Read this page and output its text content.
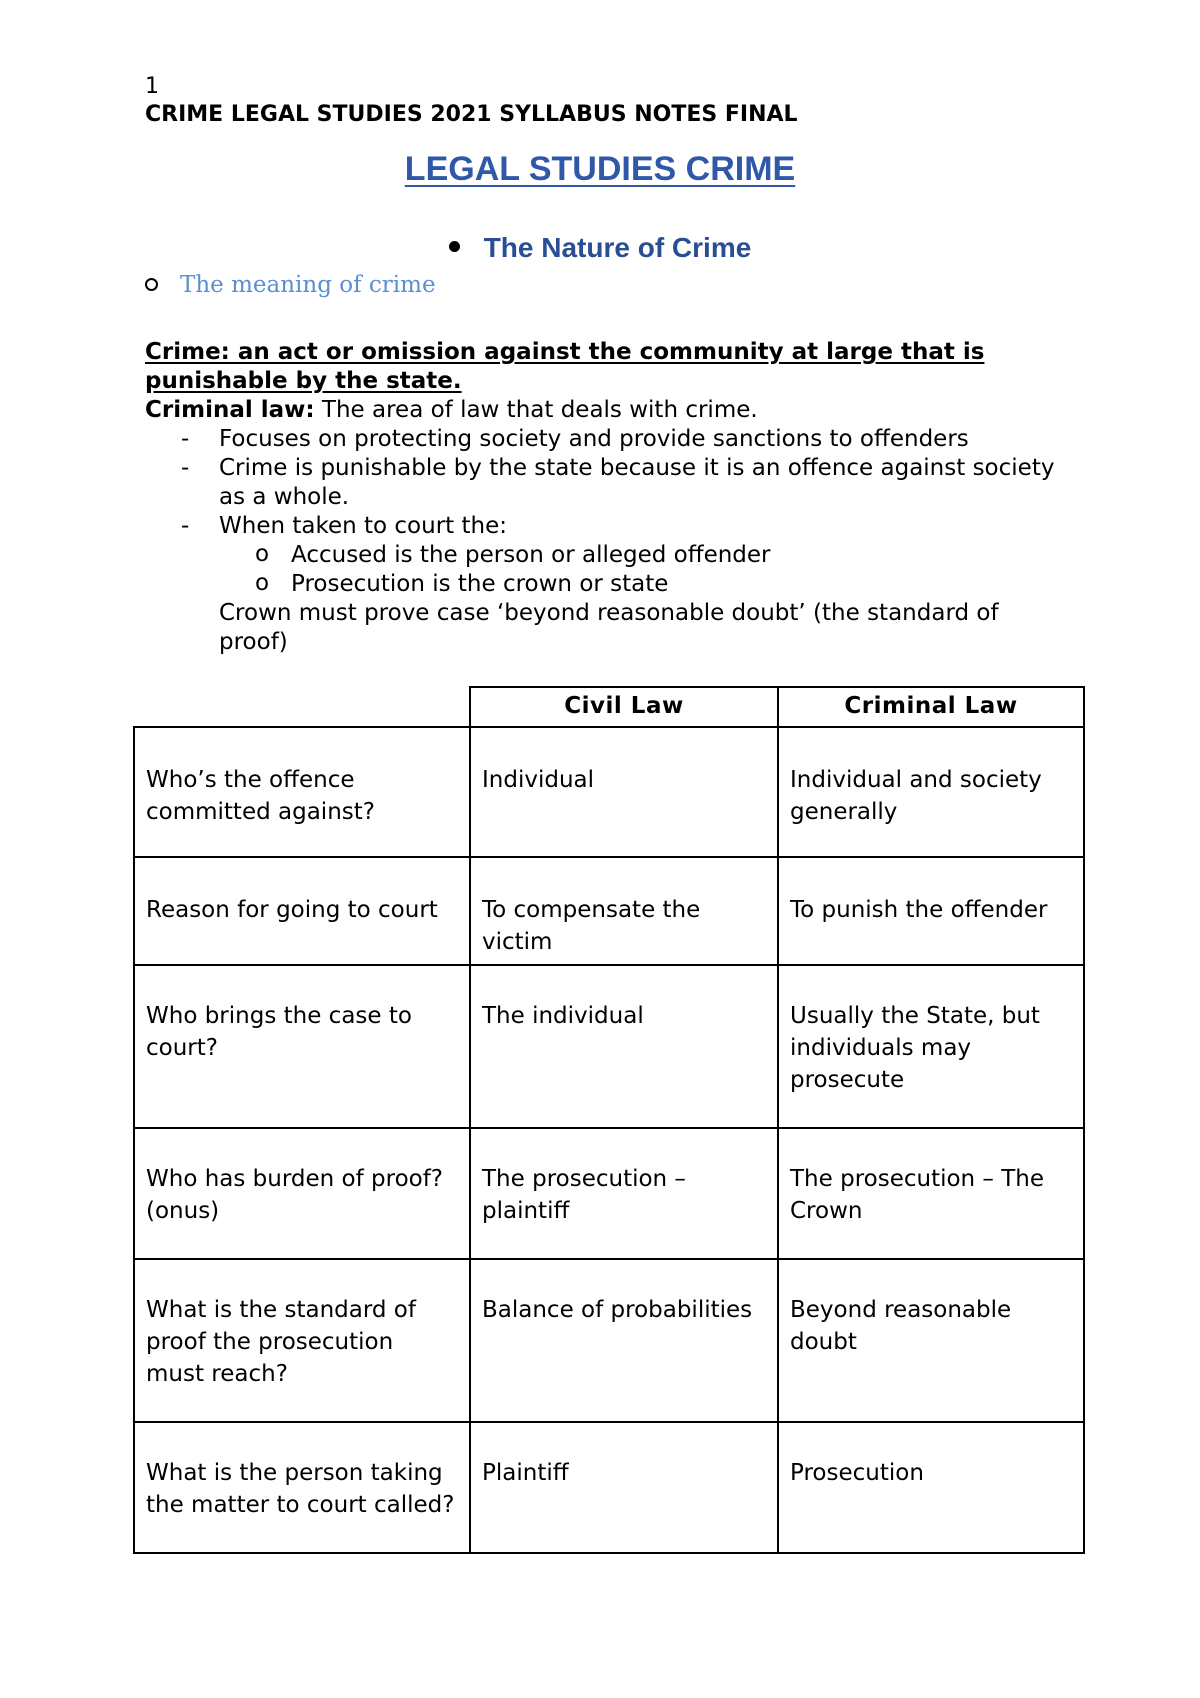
1
CRIME LEGAL STUDIES 2021 SYLLABUS NOTES FINAL
LEGAL STUDIES CRIME
The Nature of Crime
The meaning of crime
Crime: an act or omission against the community at large that is punishable by the state.
Criminal law: The area of law that deals with crime.
- Focuses on protecting society and provide sanctions to offenders
- Crime is punishable by the state because it is an offence against society as a whole.
- When taken to court the:
o Accused is the person or alleged offender
o Prosecution is the crown or state
Crown must prove case ‘beyond reasonable doubt’ (the standard of proof)
	Civil Law	Criminal Law
Who’s the offence committed against?	Individual	Individual and society generally
Reason for going to court	To compensate the victim	To punish the offender
Who brings the case to court?	The individual	Usually the State, but individuals may prosecute
Who has burden of proof? (onus)	The prosecution – plaintiff	The prosecution – The Crown
What is the standard of proof the prosecution must reach?	Balance of probabilities	Beyond reasonable doubt
What is the person taking the matter to court called?	Plaintiff	Prosecution
